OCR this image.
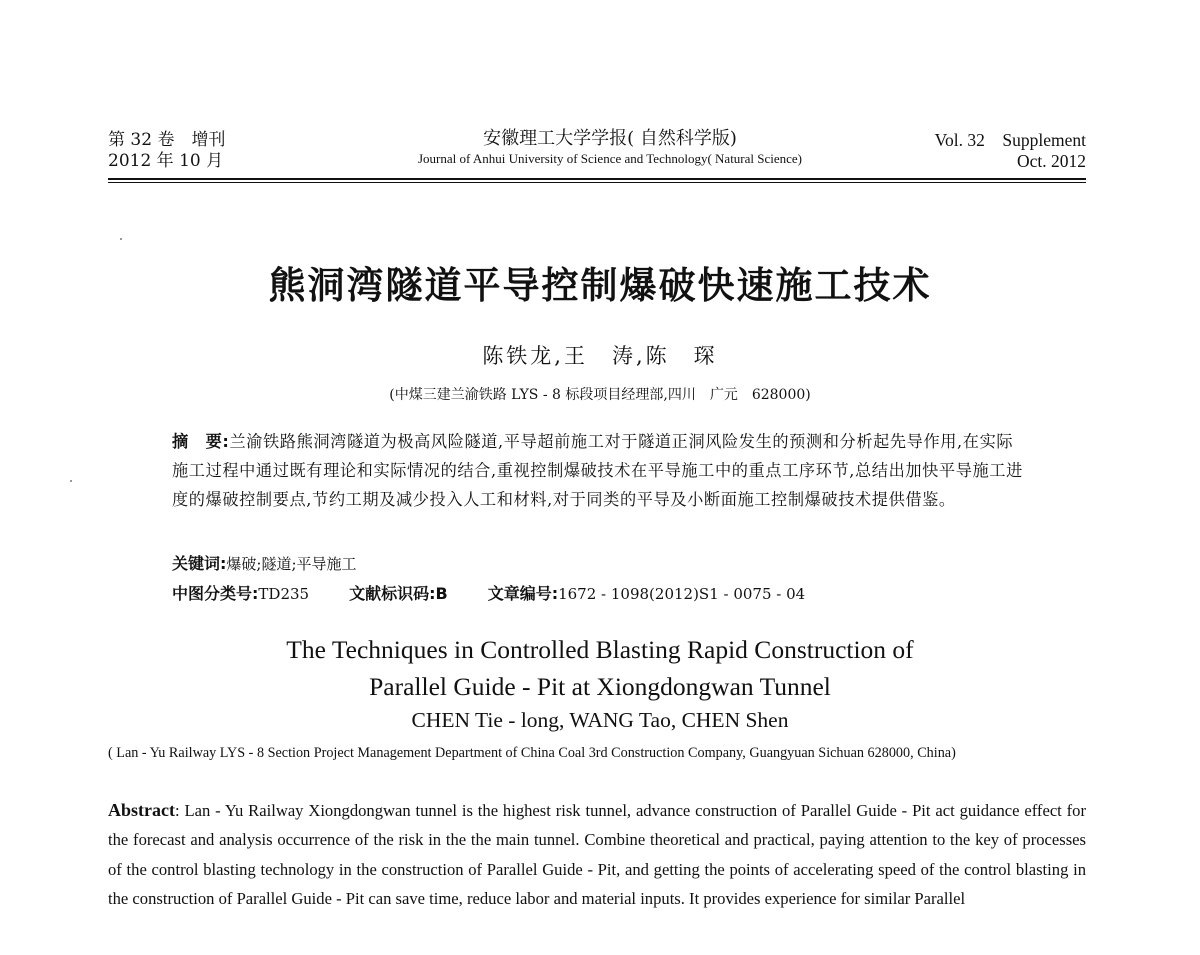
第 32 卷　增刊
2012 年 10 月
安徽理工大学学报( 自然科学版)
Journal of Anhui University of Science and Technology( Natural Science)
Vol. 32　Supplement
Oct. 2012
熊洞湾隧道平导控制爆破快速施工技术
陈铁龙,王　涛,陈　琛
(中煤三建兰渝铁路 LYS - 8 标段项目经理部,四川　广元　628000)
摘　要:兰渝铁路熊洞湾隧道为极高风险隧道,平导超前施工对于隧道正洞风险发生的预测和分析起先导作用,在实际施工过程中通过既有理论和实际情况的结合,重视控制爆破技术在平导施工中的重点工序环节,总结出加快平导施工进度的爆破控制要点,节约工期及减少投入人工和材料,对于同类的平导及小断面施工控制爆破技术提供借鉴。
关键词:爆破;隧道;平导施工
中图分类号:TD235	文献标识码:B	文章编号:1672 - 1098(2012)S1 - 0075 - 04
The Techniques in Controlled Blasting Rapid Construction of
Parallel Guide - Pit at Xiongdongwan Tunnel
CHEN Tie - long, WANG Tao, CHEN Shen
( Lan - Yu Railway LYS - 8 Section Project Management Department of China Coal 3rd Construction Company, Guangyuan Sichuan 628000, China)
Abstract: Lan - Yu Railway Xiongdongwan tunnel is the highest risk tunnel, advance construction of Parallel Guide - Pit act guidance effect for the forecast and analysis occurrence of the risk in the the main tunnel. Combine theoretical and practical, paying attention to the key of processes of the control blasting technology in the construction of Parallel Guide - Pit, and getting the points of accelerating speed of the control blasting in the construction of Parallel Guide - Pit can save time, reduce labor and material inputs. It provides experience for similar Parallel
